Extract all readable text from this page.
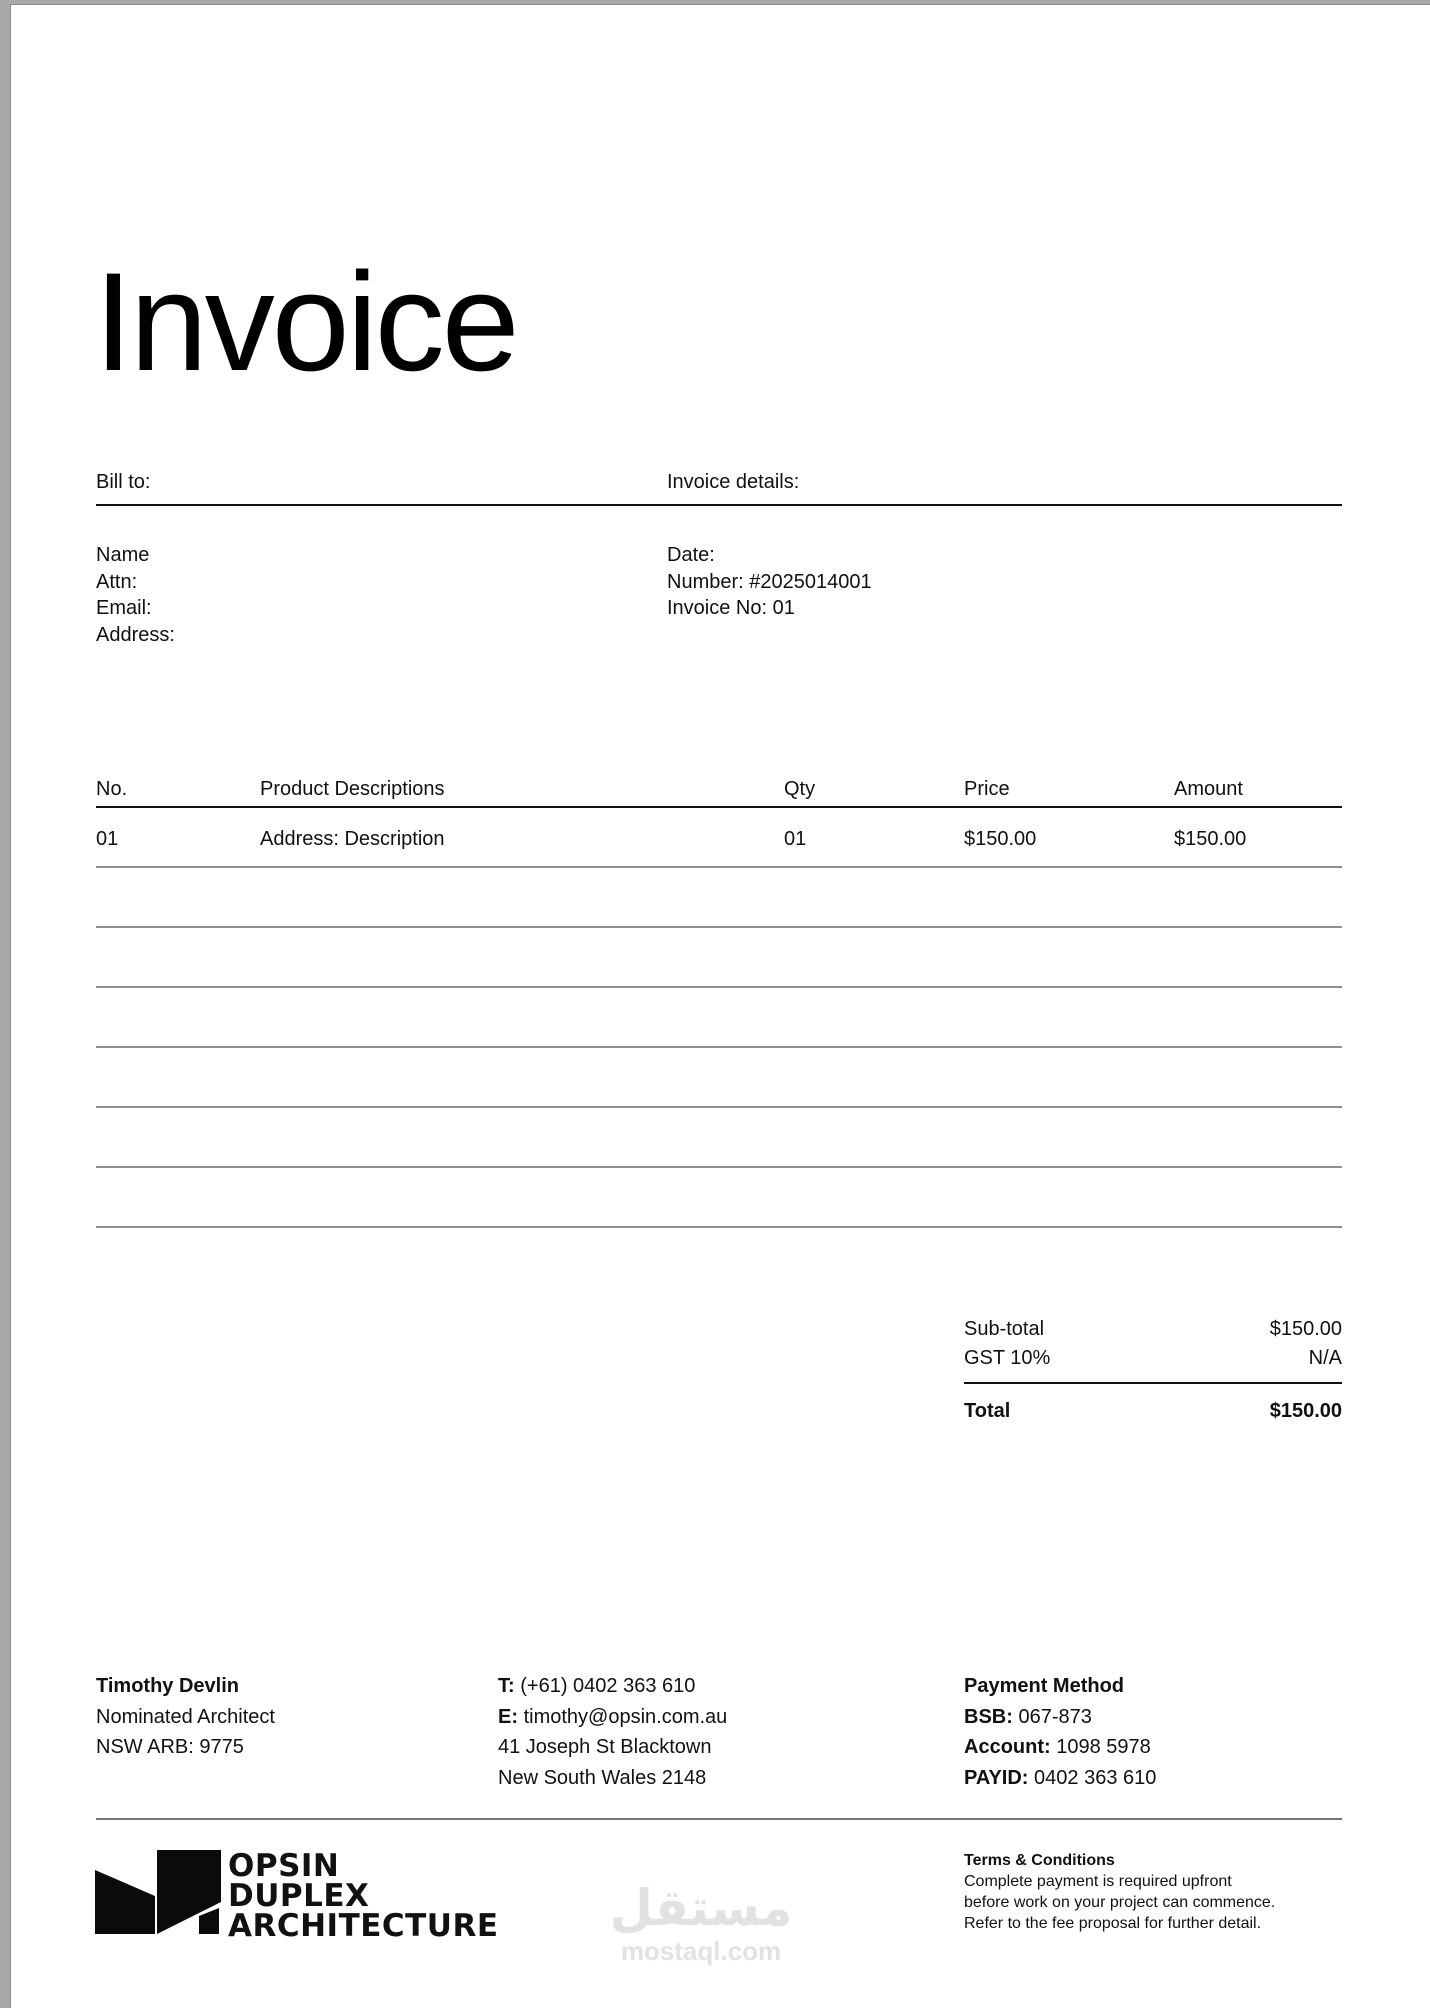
Invoice
Bill to:	Invoice details:
Name
Attn:
Email:
Address:
Date:
Number: #2025014001
Invoice No: 01
No.	Product Descriptions	Qty	Price	Amount
01	Address: Description	01	$150.00	$150.00
Sub-total	$150.00
GST 10%	N/A
Total	$150.00
Timothy Devlin
Nominated Architect
NSW ARB: 9775
T: (+61) 0402 363 610
E: timothy@opsin.com.au
41 Joseph St Blacktown
New South Wales 2148
Payment Method
BSB: 067-873
Account: 1098 5978
PAYID: 0402 363 610
OPSIN
DUPLEX
ARCHITECTURE مستقل
mostaql.com
Terms & Conditions
Complete payment is required upfront
before work on your project can commence.
Refer to the fee proposal for further detail.
